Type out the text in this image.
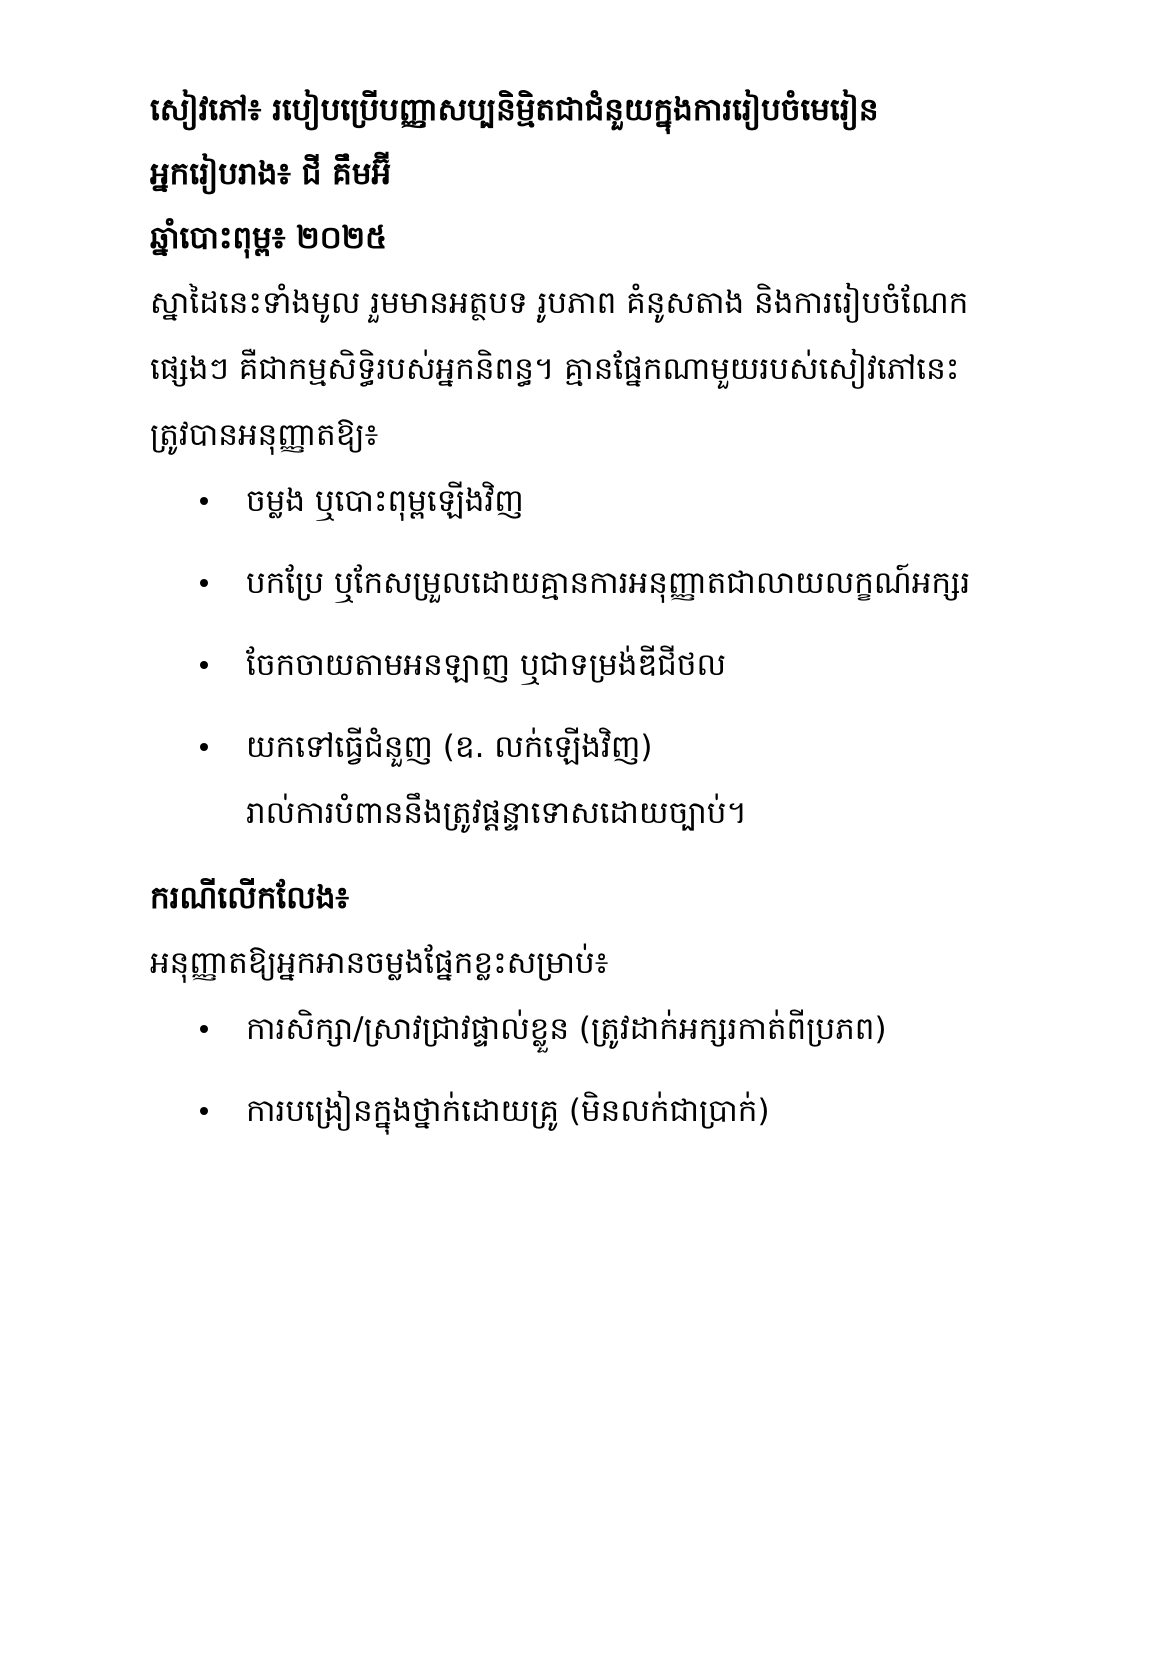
សៀវភៅ៖ របៀបប្រើបញ្ញាសប្បនិម្មិតជាជំនួយក្នុងការរៀបចំមេរៀន
អ្នករៀបរាង៖ ជី គឹមអ៊ី
ឆ្នាំបោះពុម្ព៖ ២០២៥
ស្នាដៃនេះទាំងមូល រួមមានអត្ថបទ រូបភាព គំនូសតាង និងការរៀបចំណែក
ផ្សេងៗ គឺជាកម្មសិទ្ធិរបស់អ្នកនិពន្ធ។ គ្មានផ្នែកណាមួយរបស់សៀវភៅនេះ
ត្រូវបានអនុញ្ញាតឱ្យ៖
ចម្លង ឬបោះពុម្ពឡើងវិញ
បកប្រែ ឬកែសម្រួលដោយគ្មានការអនុញ្ញាតជាលាយលក្ខណ៍អក្សរ
ចែកចាយតាមអនឡាញ ឬជាទម្រង់ឌីជីថល
យកទៅធ្វើជំនួញ (ឧ. លក់ឡើងវិញ)
រាល់ការបំពាននឹងត្រូវផ្តន្ទាទោសដោយច្បាប់។
ករណីលើកលែង៖
អនុញ្ញាតឱ្យអ្នកអានចម្លងផ្នែកខ្លះសម្រាប់៖
ការសិក្សា/ស្រាវជ្រាវផ្ទាល់ខ្លួន (ត្រូវដាក់អក្សរកាត់ពីប្រភព)
ការបង្រៀនក្នុងថ្នាក់ដោយគ្រូ (មិនលក់ជាប្រាក់)
